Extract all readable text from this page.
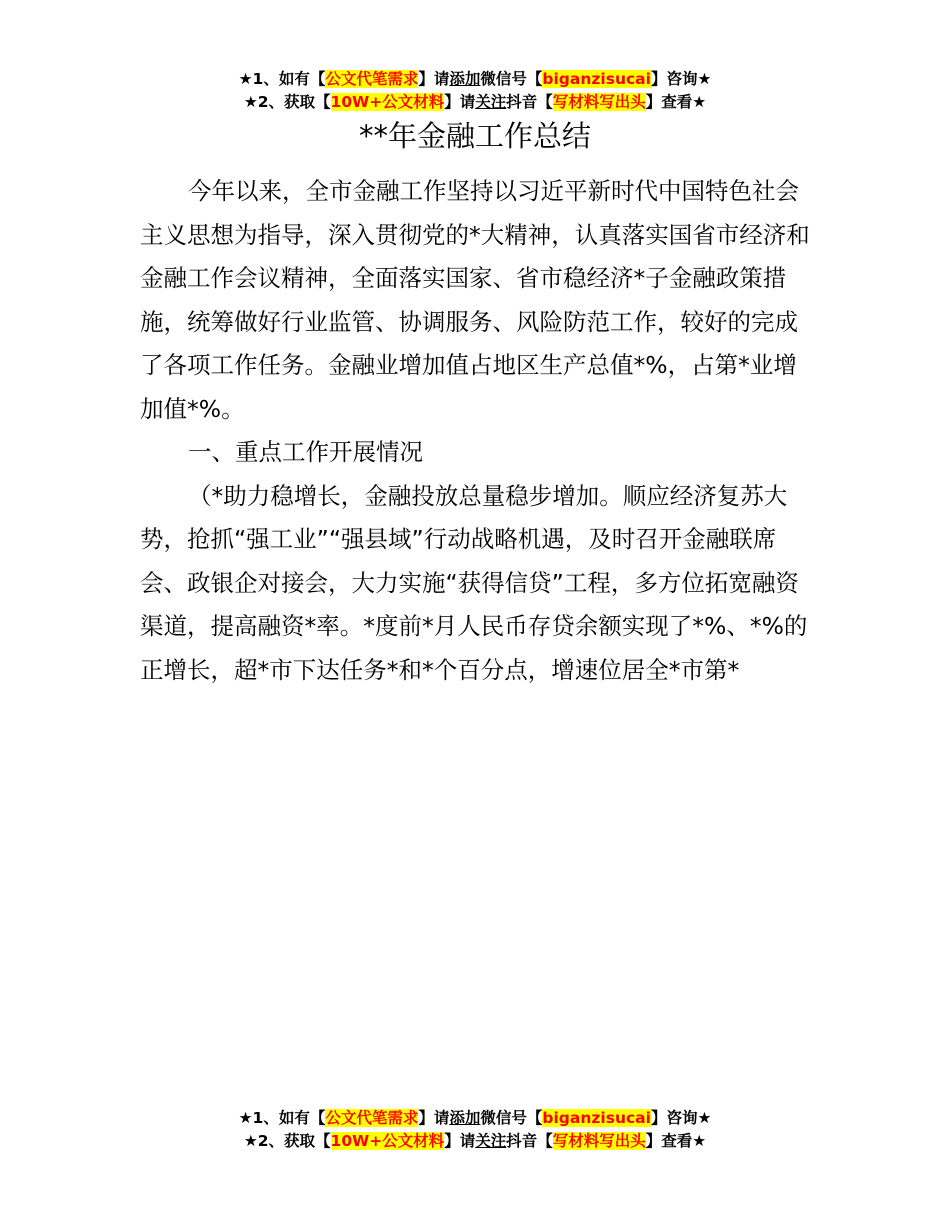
★1、如有【公文代笔需求】请添加微信号【biganzisucai】咨询★
★2、获取【10W+公文材料】请关注抖音【写材料写出头】查看★
**年金融工作总结

今年以来，全市金融工作坚持以习近平新时代中国特色社会主义思想为指导，深入贯彻党的*大精神，认真落实国省市经济和金融工作会议精神，全面落实国家、省市稳经济*子金融政策措施，统筹做好行业监管、协调服务、风险防范工作，较好的完成了各项工作任务。金融业增加值占地区生产总值*%，占第*业增加值*%。

一、重点工作开展情况

（*助力稳增长，金融投放总量稳步增加。顺应经济复苏大势，抢抓“强工业”“强县域”行动战略机遇，及时召开金融联席会、政银企对接会，大力实施“获得信贷”工程，多方位拓宽融资渠道，提高融资*率。*度前*月人民币存贷余额实现了*%、*%的正增长，超*市下达任务*和*个百分点，增速位居全*市第*

★1、如有【公文代笔需求】请添加微信号【biganzisucai】咨询★
★2、获取【10W+公文材料】请关注抖音【写材料写出头】查看★
